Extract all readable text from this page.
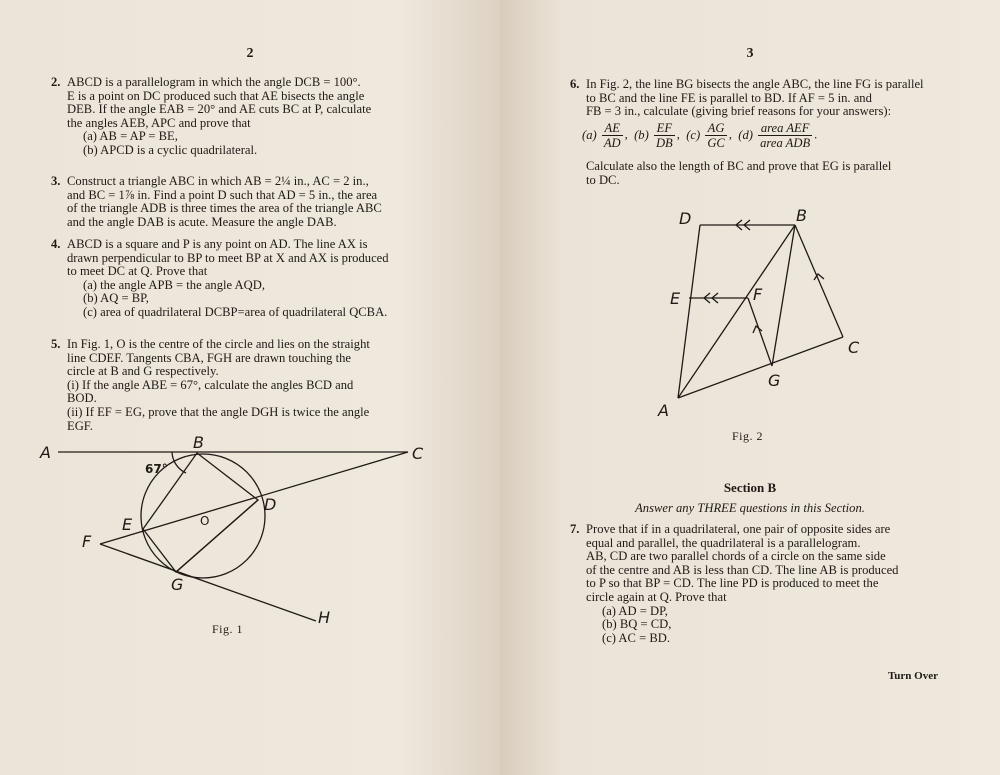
2
2. ABCD is a parallelogram in which the angle DCB = 100°.
E is a point on DC produced such that AE bisects the angle
DEB. If the angle EAB = 20° and AE cuts BC at P, calculate
the angles AEB, APC and prove that
(a) AB = AP = BE,
(b) APCD is a cyclic quadrilateral.
3. Construct a triangle ABC in which AB = 2¼ in., AC = 2 in.,
and BC = 1⅞ in. Find a point D such that AD = 5 in., the area
of the triangle ADB is three times the area of the triangle ABC
and the angle DAB is acute. Measure the angle DAB.
4. ABCD is a square and P is any point on AD. The line AX is
drawn perpendicular to BP to meet BP at X and AX is produced
to meet DC at Q. Prove that
(a) the angle APB = the angle AQD,
(b) AQ = BP,
(c) area of quadrilateral DCBP=area of quadrilateral QCBA.
5. In Fig. 1, O is the centre of the circle and lies on the straight
line CDEF. Tangents CBA, FGH are drawn touching the
circle at B and G respectively.
(i) If the angle ABE = 67°, calculate the angles BCD and
BOD.
(ii) If EF = EG, prove that the angle DGH is twice the angle
EGF.
A
B
C
D
E
F
G
H
O
67°
Fig. 1
3
6. In Fig. 2, the line BG bisects the angle ABC, the line FG is parallel
to BC and the line FE is parallel to BD. If AF = 5 in. and
FB = 3 in., calculate (giving brief reasons for your answers):
$(a) \frac{AE}{AD}$ ,  $(b) \frac{EF}{DB}$ ,  $(c) \frac{AG}{GC}$ ,  $(d) \frac{\text{area AEF}}{\text{area ADB}}$ .
Calculate also the length of BC and prove that EG is parallel
to DC.
A
B
C
D
E	F
G
Fig. 2
Section B
Answer any THREE questions in this Section.
7. Prove that if in a quadrilateral, one pair of opposite sides are
equal and parallel, the quadrilateral is a parallelogram.
AB, CD are two parallel chords of a circle on the same side
of the centre and AB is less than CD. The line AB is produced
to P so that BP = CD. The line PD is produced to meet the
circle again at Q. Prove that
(a) AD = DP,
(b) BQ = CD,
(c) AC = BD.
Turn Over
